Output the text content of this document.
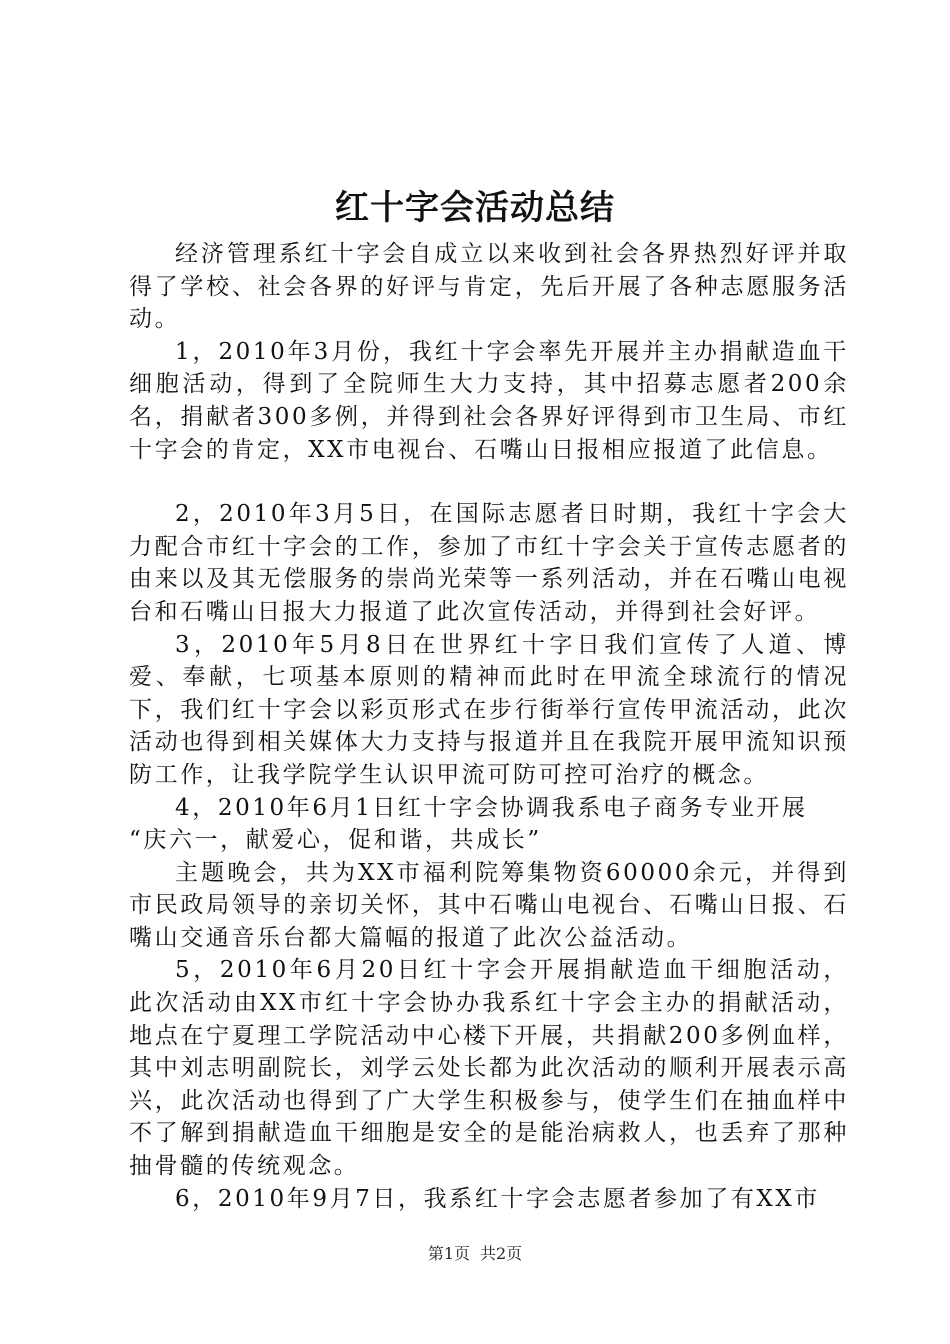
红十字会活动总结

经济管理系红十字会自成立以来收到社会各界热烈好评并取得了学校、社会各界的好评与肯定，先后开展了各种志愿服务活动。

1，2010年3月份，我红十字会率先开展并主办捐献造血干细胞活动，得到了全院师生大力支持，其中招募志愿者200余名，捐献者300多例，并得到社会各界好评得到市卫生局、市红十字会的肯定，XX市电视台、石嘴山日报相应报道了此信息。

2，2010年3月5日，在国际志愿者日时期，我红十字会大力配合市红十字会的工作，参加了市红十字会关于宣传志愿者的由来以及其无偿服务的崇尚光荣等一系列活动，并在石嘴山电视台和石嘴山日报大力报道了此次宣传活动，并得到社会好评。

3，2010年5月8日在世界红十字日我们宣传了人道、博爱、奉献，七项基本原则的精神而此时在甲流全球流行的情况下，我们红十字会以彩页形式在步行街举行宣传甲流活动，此次活动也得到相关媒体大力支持与报道并且在我院开展甲流知识预防工作，让我学院学生认识甲流可防可控可治疗的概念。

4，2010年6月1日红十字会协调我系电子商务专业开展

“庆六一，献爱心，促和谐，共成长”

主题晚会，共为XX市福利院筹集物资60000余元，并得到市民政局领导的亲切关怀，其中石嘴山电视台、石嘴山日报、石嘴山交通音乐台都大篇幅的报道了此次公益活动。

5，2010年6月20日红十字会开展捐献造血干细胞活动，此次活动由XX市红十字会协办我系红十字会主办的捐献活动，地点在宁夏理工学院活动中心楼下开展，共捐献200多例血样，其中刘志明副院长，刘学云处长都为此次活动的顺利开展表示高兴，此次活动也得到了广大学生积极参与，使学生们在抽血样中不了解到捐献造血干细胞是安全的是能治病救人，也丢弃了那种抽骨髓的传统观念。

6，2010年9月7日，我系红十字会志愿者参加了有XX市

第1页 共2页
